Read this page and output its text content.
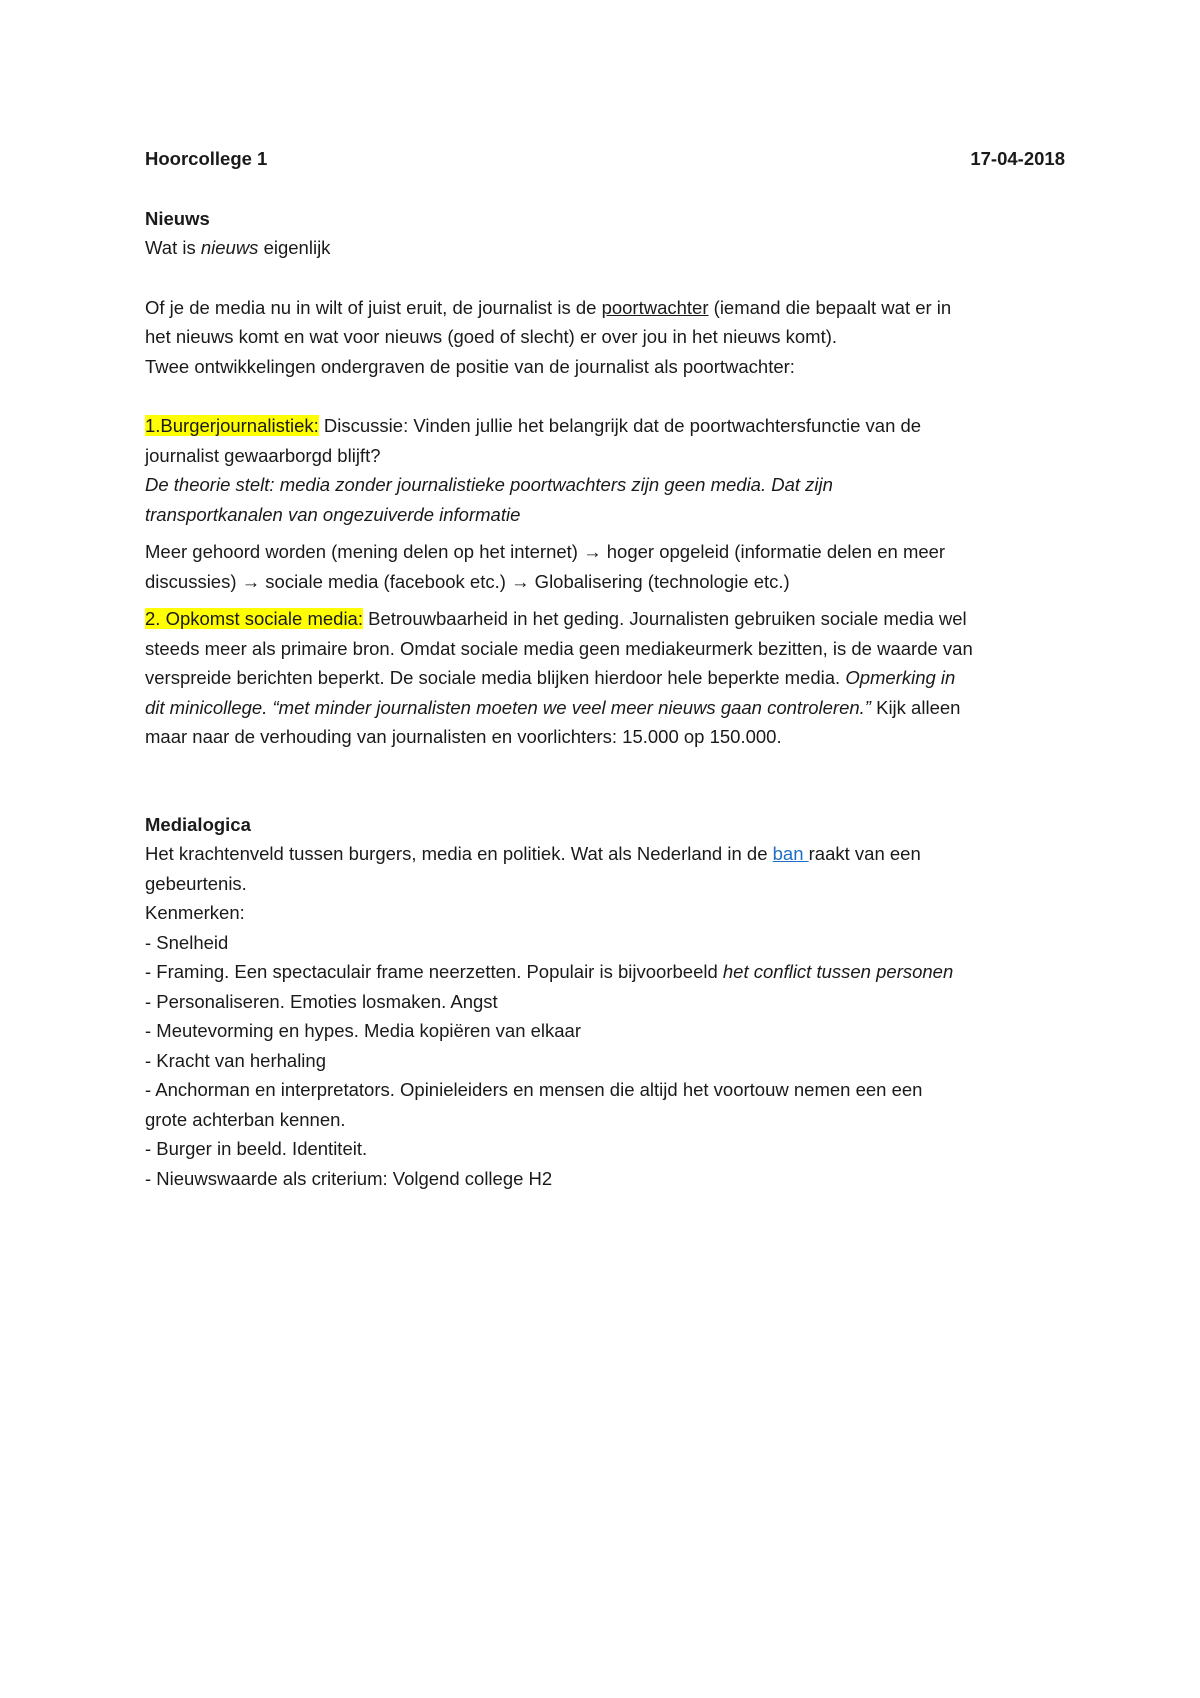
Hoorcollege 1	17-04-2018
Nieuws
Wat is nieuws eigenlijk
Of je de media nu in wilt of juist eruit, de journalist is de poortwachter (iemand die bepaalt wat er in
het nieuws komt en wat voor nieuws (goed of slecht) er over jou in het nieuws komt).
Twee ontwikkelingen ondergraven de positie van de journalist als poortwachter:
1.Burgerjournalistiek: Discussie: Vinden jullie het belangrijk dat de poortwachtersfunctie van de
journalist gewaarborgd blijft?
De theorie stelt: media zonder journalistieke poortwachters zijn geen media. Dat zijn
transportkanalen van ongezuiverde informatie
Meer gehoord worden (mening delen op het internet) → hoger opgeleid (informatie delen en meer
discussies) → sociale media (facebook etc.) → Globalisering (technologie etc.)
2. Opkomst sociale media: Betrouwbaarheid in het geding. Journalisten gebruiken sociale media wel
steeds meer als primaire bron. Omdat sociale media geen mediakeurmerk bezitten, is de waarde van
verspreide berichten beperkt. De sociale media blijken hierdoor hele beperkte media. Opmerking in
dit minicollege. “met minder journalisten moeten we veel meer nieuws gaan controleren.” Kijk alleen
maar naar de verhouding van journalisten en voorlichters: 15.000 op 150.000.
Medialogica
Het krachtenveld tussen burgers, media en politiek. Wat als Nederland in de ban raakt van een
gebeurtenis.
Kenmerken:
- Snelheid
- Framing. Een spectaculair frame neerzetten. Populair is bijvoorbeeld het conflict tussen personen
- Personaliseren. Emoties losmaken. Angst
- Meutevorming en hypes. Media kopiëren van elkaar
- Kracht van herhaling
- Anchorman en interpretators. Opinieleiders en mensen die altijd het voortouw nemen een een
grote achterban kennen.
- Burger in beeld. Identiteit.
- Nieuwswaarde als criterium: Volgend college H2
